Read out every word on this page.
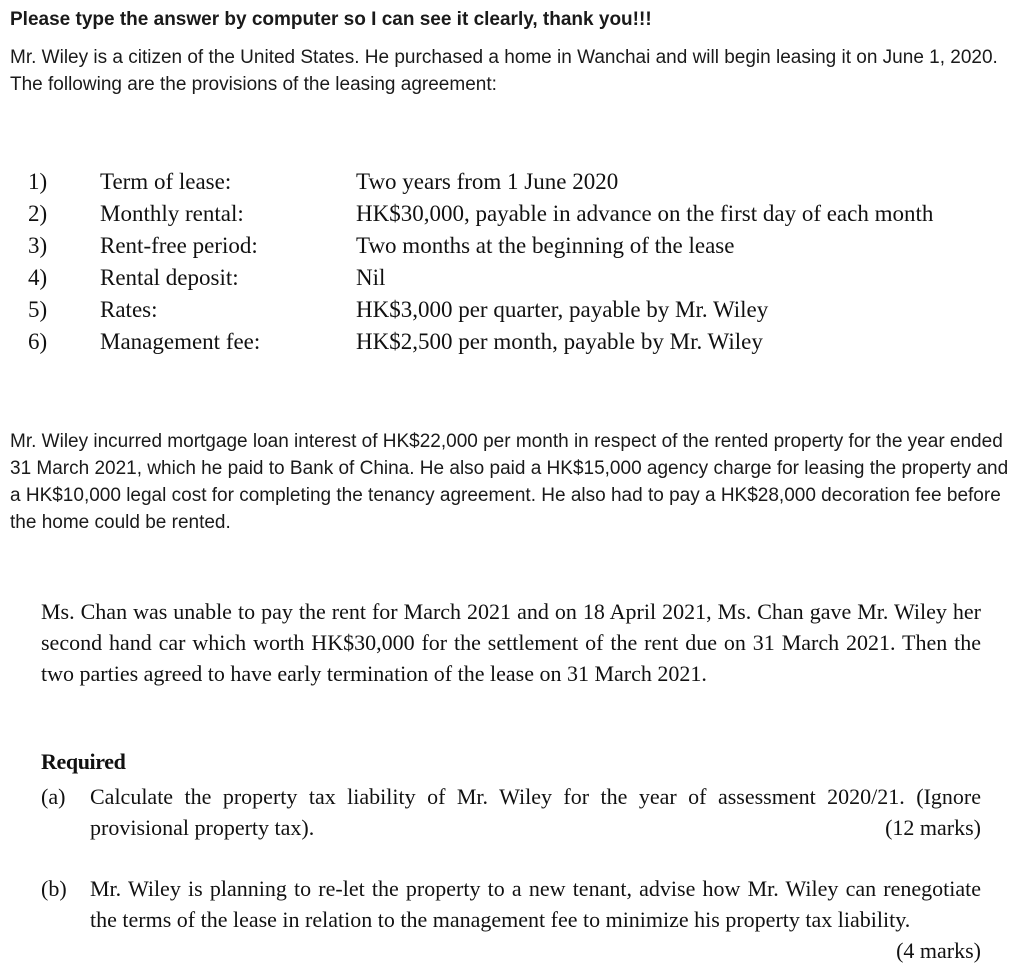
Please type the answer by computer so I can see it clearly, thank you!!!
Mr. Wiley is a citizen of the United States. He purchased a home in Wanchai and will begin leasing it on June 1, 2020. The following are the provisions of the leasing agreement:
1)	Term of lease:	Two years from 1 June 2020
2)	Monthly rental:	HK$30,000, payable in advance on the first day of each month
3)	Rent-free period:	Two months at the beginning of the lease
4)	Rental deposit:	Nil
5)	Rates:	HK$3,000 per quarter, payable by Mr. Wiley
6)	Management fee:	HK$2,500 per month, payable by Mr. Wiley
Mr. Wiley incurred mortgage loan interest of HK$22,000 per month in respect of the rented property for the year ended 31 March 2021, which he paid to Bank of China. He also paid a HK$15,000 agency charge for leasing the property and a HK$10,000 legal cost for completing the tenancy agreement. He also had to pay a HK$28,000 decoration fee before the home could be rented.
Ms. Chan was unable to pay the rent for March 2021 and on 18 April 2021, Ms. Chan gave Mr. Wiley her second hand car which worth HK$30,000 for the settlement of the rent due on 31 March 2021. Then the two parties agreed to have early termination of the lease on 31 March 2021.
Required
(a) Calculate the property tax liability of Mr. Wiley for the year of assessment 2020/21. (Ignore provisional property tax).	(12 marks)
(b) Mr. Wiley is planning to re-let the property to a new tenant, advise how Mr. Wiley can renegotiate the terms of the lease in relation to the management fee to minimize his property tax liability.
(4 marks)
